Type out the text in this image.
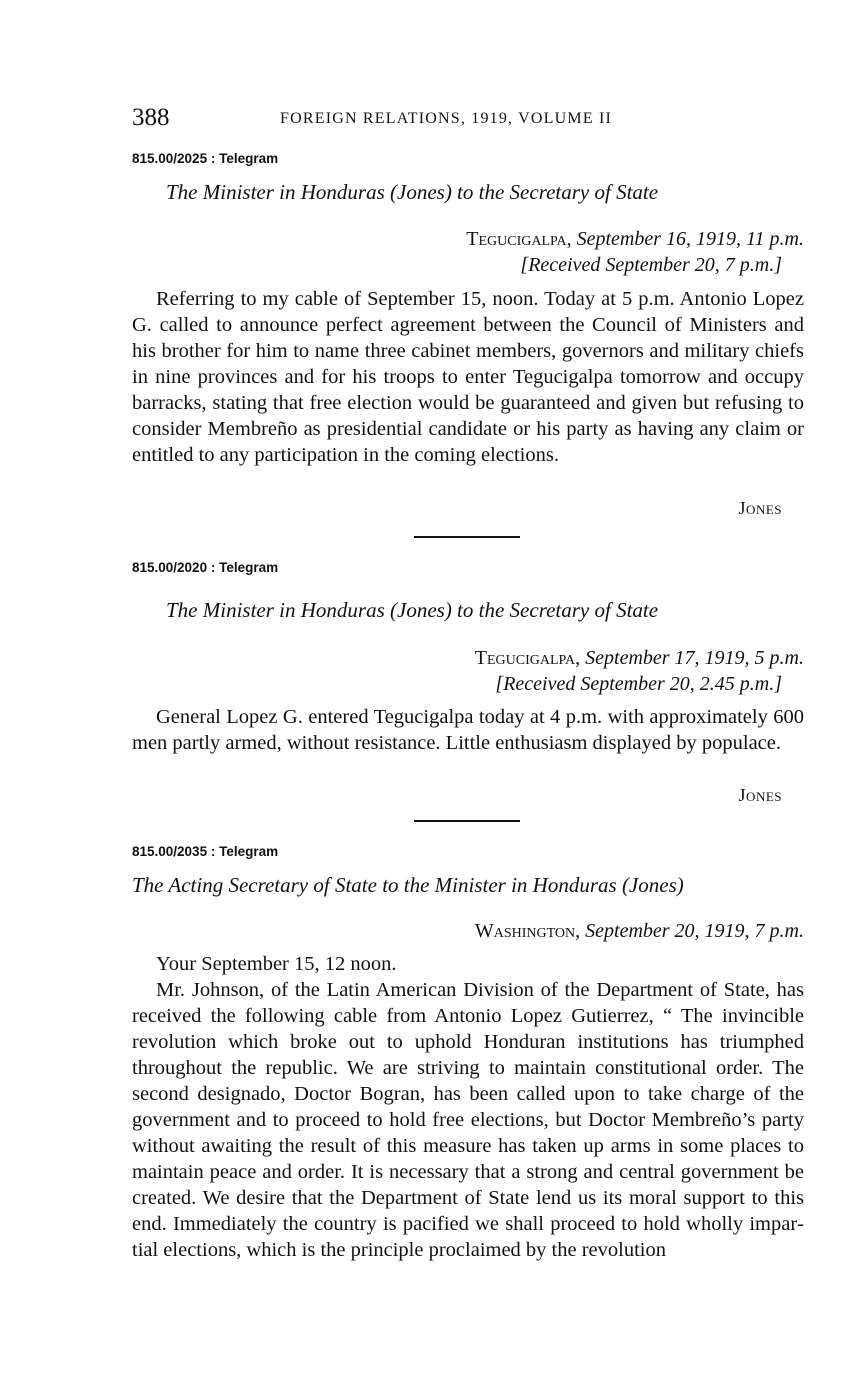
388	FOREIGN RELATIONS, 1919, VOLUME II
815.00/2025 : Telegram
The Minister in Honduras (Jones) to the Secretary of State
Tegucigalpa, September 16, 1919, 11 p.m.
[Received September 20, 7 p.m.]

Referring to my cable of September 15, noon. Today at 5 p.m. Antonio Lopez G. called to announce perfect agreement between the Council of Ministers and his brother for him to name three cabinet members, governors and military chiefs in nine provinces and for his troops to enter Tegucigalpa tomorrow and occupy barracks, stating that free election would be guaranteed and given but refusing to consider Membreño as presidential candidate or his party as having any claim or entitled to any participation in the coming elections.

Jones
815.00/2020 : Telegram
The Minister in Honduras (Jones) to the Secretary of State
Tegucigalpa, September 17, 1919, 5 p.m.
[Received September 20, 2.45 p.m.]

General Lopez G. entered Tegucigalpa today at 4 p.m. with approximately 600 men partly armed, without resistance. Little enthusiasm displayed by populace.

Jones
815.00/2035 : Telegram
The Acting Secretary of State to the Minister in Honduras (Jones)
Washington, September 20, 1919, 7 p.m.

Your September 15, 12 noon.

Mr. Johnson, of the Latin American Division of the Department of State, has received the following cable from Antonio Lopez Gutierrez, “ The invincible revolution which broke out to uphold Honduran institutions has triumphed throughout the republic. We are striving to maintain constitutional order. The second designado, Doctor Bogran, has been called upon to take charge of the government and to proceed to hold free elections, but Doctor Membreño’s party without awaiting the result of this measure has taken up arms in some places to maintain peace and order. It is necessary that a strong and central government be created. We desire that the Department of State lend us its moral support to this end. Immediately the country is pacified we shall proceed to hold wholly impartial elections, which is the principle proclaimed by the revolution
